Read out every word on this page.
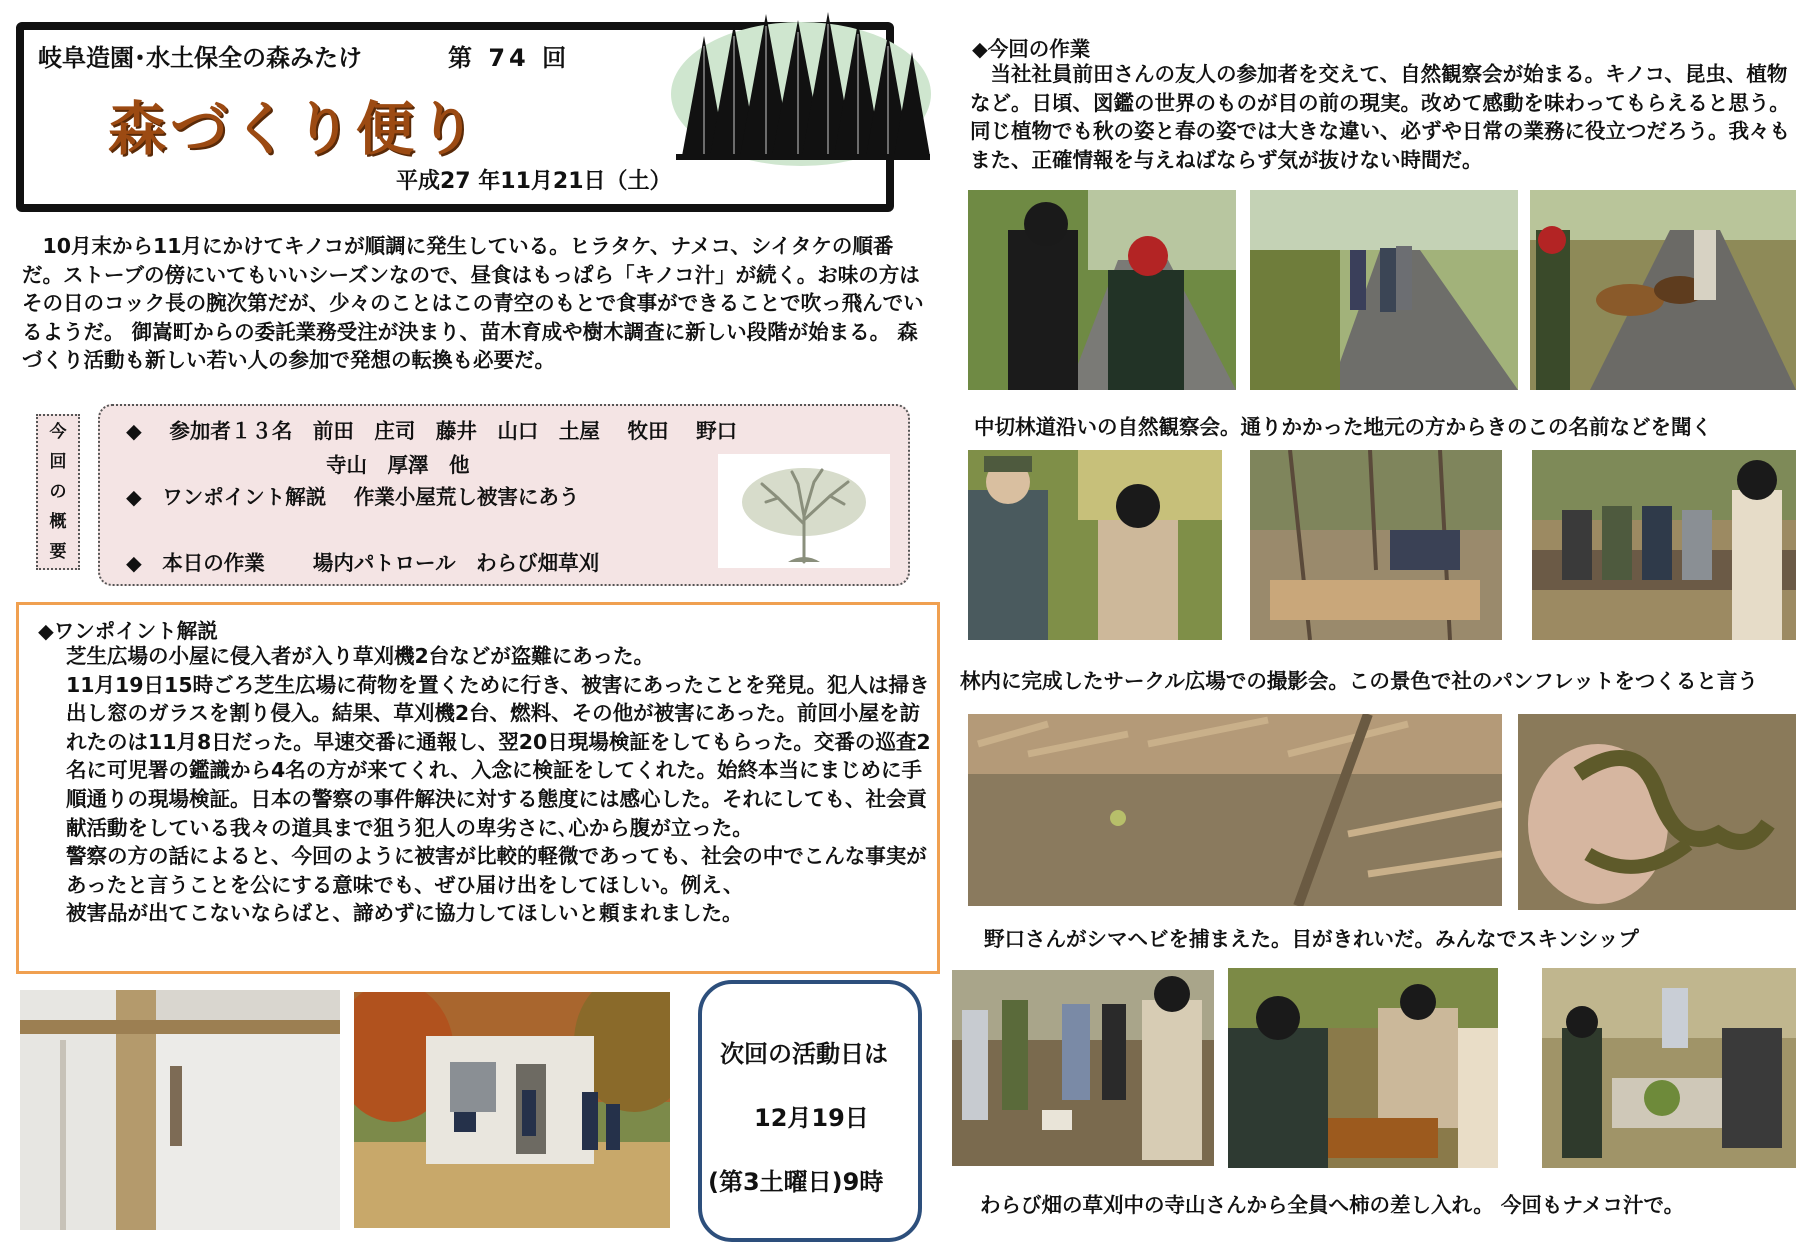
岐阜造園･水土保全の森みたけ	第 74 回
森づくり便り
平成27 年11月21日（土）
　10月末から11月にかけてキノコが順調に発生している。ヒラタケ、ナメコ、シイタケの順番だ。ストーブの傍にいてもいいシーズンなので、昼食はもっぱら「キノコ汁」が続く。お味の方はその日のコック長の腕次第だが、少々のことはこの青空のもとで食事ができることで吹っ飛んでいるようだ。 御嵩町からの委託業務受注が決まり、苗木育成や樹木調査に新しい段階が始まる。 森づくり活動も新しい若い人の参加で発想の転換も必要だ。
今
回
の
概
要
◆　 参加者１３名　前田　庄司　藤井　山口　土屋　 牧田 　野口
寺山　厚澤　他
◆　ワンポイント解説　 作業小屋荒し被害にあう
◆　本日の作業　　 場内パトロール　わらび畑草刈
◆ワンポイント解説
芝生広場の小屋に侵入者が入り草刈機2台などが盗難にあった。
11月19日15時ごろ芝生広場に荷物を置くために行き、被害にあったことを発見。犯人は掃き出し窓のガラスを割り侵入。結果、草刈機2台、燃料、その他が被害にあった。前回小屋を訪れたのは11月8日だった。早速交番に通報し、翌20日現場検証をしてもらった。交番の巡査2名に可児署の鑑識から4名の方が来てくれ、入念に検証をしてくれた。始終本当にまじめに手順通りの現場検証。日本の警察の事件解決に対する態度には感心した。それにしても、社会貢献活動をしている我々の道具まで狙う犯人の卑劣さに､心から腹が立った。
警察の方の話によると、今回のように被害が比較的軽微であっても、社会の中でこんな事実があったと言うことを公にする意味でも、ぜひ届け出をしてほしい。例え、
被害品が出てこないならばと、諦めずに協力してほしいと頼まれました。
次回の活動日は
12月19日
(第3土曜日)9時
◆今回の作業
　当社社員前田さんの友人の参加者を交えて、自然観察会が始まる。キノコ、昆虫、植物など。日頃、図鑑の世界のものが目の前の現実。改めて感動を味わってもらえると思う。同じ植物でも秋の姿と春の姿では大きな違い、必ずや日常の業務に役立つだろう。我々もまた、正確情報を与えねばならず気が抜けない時間だ。
中切林道沿いの自然観察会。通りかかった地元の方からきのこの名前などを聞く
林内に完成したサークル広場での撮影会。この景色で社のパンフレットをつくると言う
野口さんがシマヘビを捕まえた。目がきれいだ。みんなでスキンシップ
わらび畑の草刈中の寺山さんから全員へ柿の差し入れ。 今回もナメコ汁で。
